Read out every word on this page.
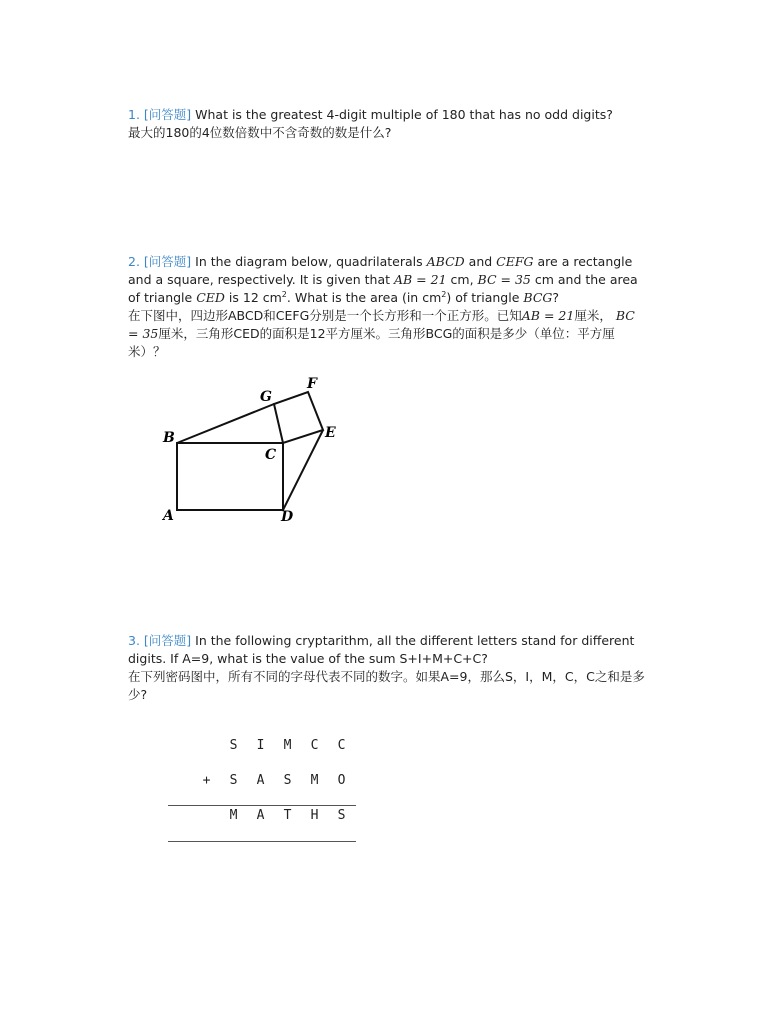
1. [问答题] What is the greatest 4-digit multiple of 180 that has no odd digits?
最大的180的4位数倍数中不含奇数的数是什么?
2. [问答题] In the diagram below, quadrilaterals ABCD and CEFG are a rectangle and a square, respectively. It is given that AB = 21 cm, BC = 35 cm and the area of triangle CED is 12 $cm^2$. What is the area (in $cm^2$) of triangle BCG?
在下图中，四边形ABCD和CEFG分别是一个长方形和一个正方形。已知AB = 21厘米， BC = 35厘米，三角形CED的面积是12平方厘米。三角形BCG的面积是多少（单位：平方厘米）？
B
A
C
D
G
F
E
3. [问答题] In the following cryptarithm, all the different letters stand for different digits. If A=9, what is the value of the sum S+I+M+C+C?
在下列密码图中，所有不同的字母代表不同的数字。如果A=9，那么S，I，M，C，C之和是多少?
S I M C C
+ S A S M O
M A T H S
